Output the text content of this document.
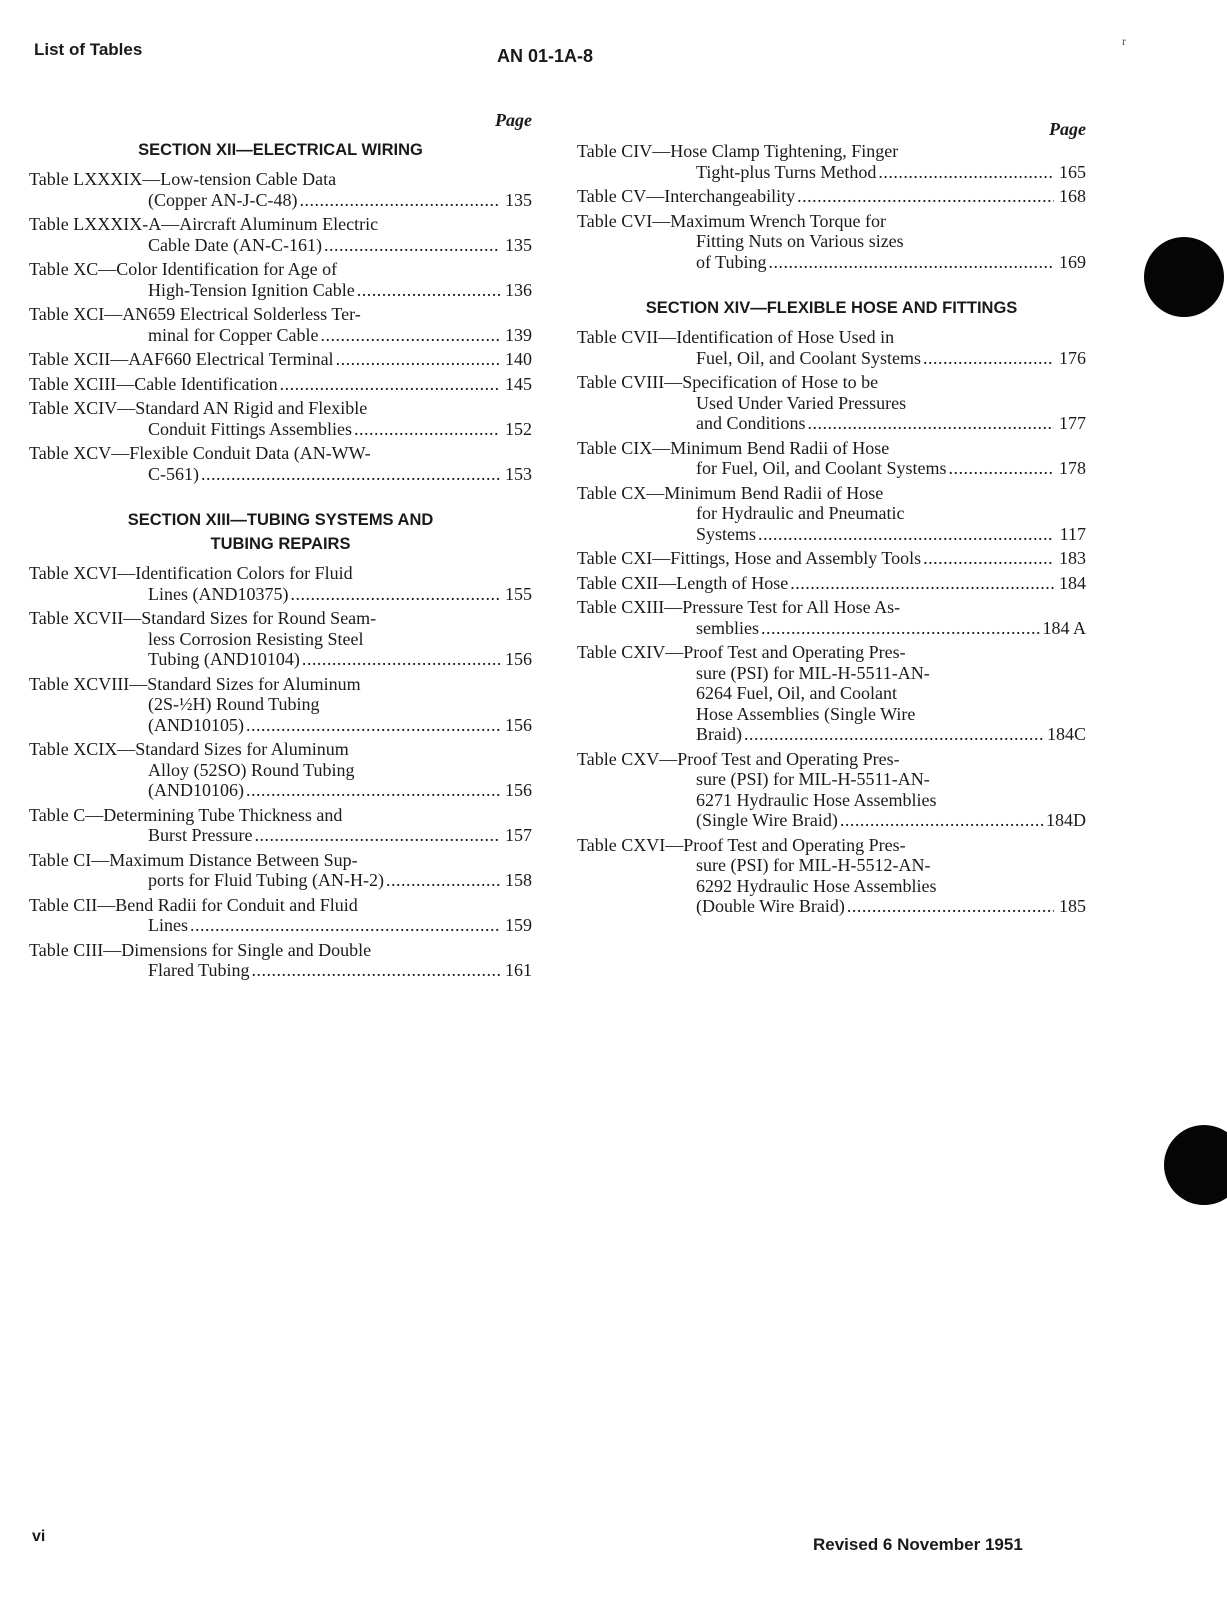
List of Tables	AN 01-1A-8
r
Page
SECTION XII—ELECTRICAL WIRING
Table LXXXIX—Low-tension Cable Data
(Copper AN-J-C-48) .....	135
Table LXXXIX-A—Aircraft Aluminum Electric
Cable Date (AN-C-161) .....	135
Table XC—Color Identification for Age of
High-Tension Ignition Cable .....	136
Table XCI—AN659 Electrical Solderless Ter-
minal for Copper Cable .....	139
Table XCII—AAF660 Electrical Terminal .....	140
Table XCIII—Cable Identification .....	145
Table XCIV—Standard AN Rigid and Flexible
Conduit Fittings Assemblies .....	152
Table XCV—Flexible Conduit Data (AN-WW-
C-561) .....	153
SECTION XIII—TUBING SYSTEMS AND
TUBING REPAIRS
Table XCVI—Identification Colors for Fluid
Lines (AND10375) .....	155
Table XCVII—Standard Sizes for Round Seam-
less Corrosion Resisting Steel
Tubing (AND10104) .....	156
Table XCVIII—Standard Sizes for Aluminum
(2S-½H) Round Tubing
(AND10105) .....	156
Table XCIX—Standard Sizes for Aluminum
Alloy (52SO) Round Tubing
(AND10106) .....	156
Table C—Determining Tube Thickness and
Burst Pressure .....	157
Table CI—Maximum Distance Between Sup-
ports for Fluid Tubing (AN-H-2) .....	158
Table CII—Bend Radii for Conduit and Fluid
Lines .....	159
Table CIII—Dimensions for Single and Double
Flared Tubing .....	161
Page
Table CIV—Hose Clamp Tightening, Finger
Tight-plus Turns Method .....	165
Table CV—Interchangeability .....	168
Table CVI—Maximum Wrench Torque for
Fitting Nuts on Various sizes
of Tubing .....	169
SECTION XIV—FLEXIBLE HOSE AND FITTINGS
Table CVII—Identification of Hose Used in
Fuel, Oil, and Coolant Systems .....	176
Table CVIII—Specification of Hose to be
Used Under Varied Pressures
and Conditions .....	177
Table CIX—Minimum Bend Radii of Hose
for Fuel, Oil, and Coolant Systems .....	178
Table CX—Minimum Bend Radii of Hose
for Hydraulic and Pneumatic
Systems .....	117
Table CXI—Fittings, Hose and Assembly Tools .....	183
Table CXII—Length of Hose .....	184
Table CXIII—Pressure Test for All Hose As-
semblies .....	184 A
Table CXIV—Proof Test and Operating Pres-
sure (PSI) for MIL-H-5511-AN-
6264 Fuel, Oil, and Coolant
Hose Assemblies (Single Wire
Braid) .....	184C
Table CXV—Proof Test and Operating Pres-
sure (PSI) for MIL-H-5511-AN-
6271 Hydraulic Hose Assemblies
(Single Wire Braid) .....	184D
Table CXVI—Proof Test and Operating Pres-
sure (PSI) for MIL-H-5512-AN-
6292 Hydraulic Hose Assemblies
(Double Wire Braid) .....	185
vi	Revised 6 November 1951
